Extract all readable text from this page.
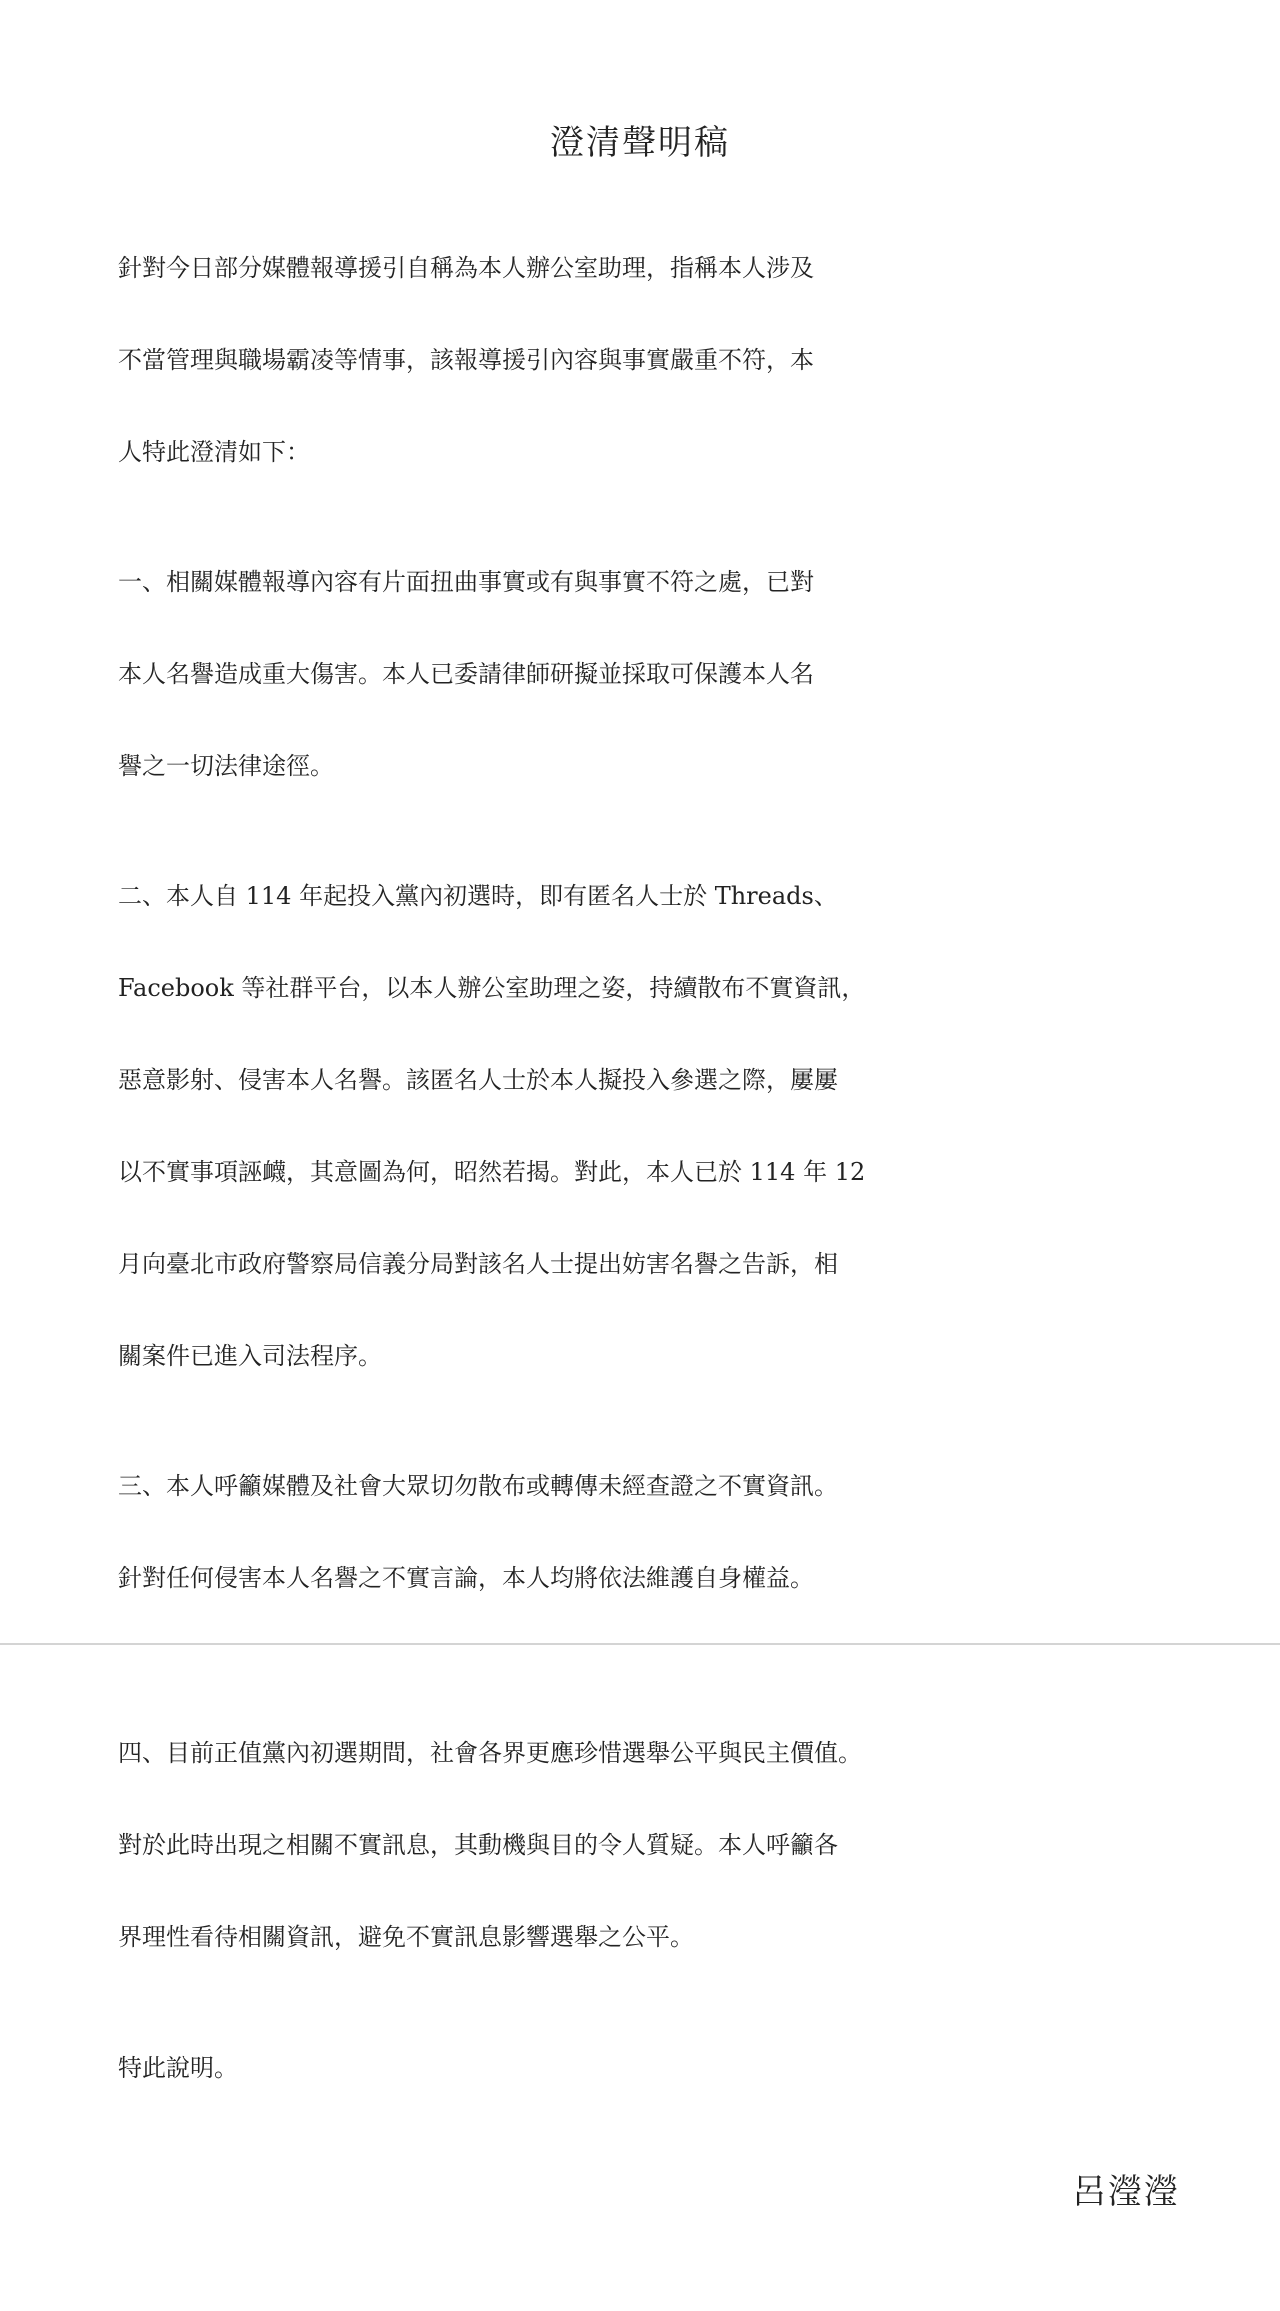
澄清聲明稿
針對今日部分媒體報導援引自稱為本人辦公室助理，指稱本人涉及
不當管理與職場霸凌等情事，該報導援引內容與事實嚴重不符，本
人特此澄清如下：
一、相關媒體報導內容有片面扭曲事實或有與事實不符之處，已對
本人名譽造成重大傷害。本人已委請律師研擬並採取可保護本人名
譽之一切法律途徑。
二、本人自 114 年起投入黨內初選時，即有匿名人士於 Threads、
Facebook 等社群平台，以本人辦公室助理之姿，持續散布不實資訊，
惡意影射、侵害本人名譽。該匿名人士於本人擬投入參選之際，屢屢
以不實事項誣衊，其意圖為何，昭然若揭。對此，本人已於 114 年 12
月向臺北市政府警察局信義分局對該名人士提出妨害名譽之告訴，相
關案件已進入司法程序。
三、本人呼籲媒體及社會大眾切勿散布或轉傳未經查證之不實資訊。
針對任何侵害本人名譽之不實言論，本人均將依法維護自身權益。
四、目前正值黨內初選期間，社會各界更應珍惜選舉公平與民主價值。
對於此時出現之相關不實訊息，其動機與目的令人質疑。本人呼籲各
界理性看待相關資訊，避免不實訊息影響選舉之公平。
特此說明。
呂瀅瀅
